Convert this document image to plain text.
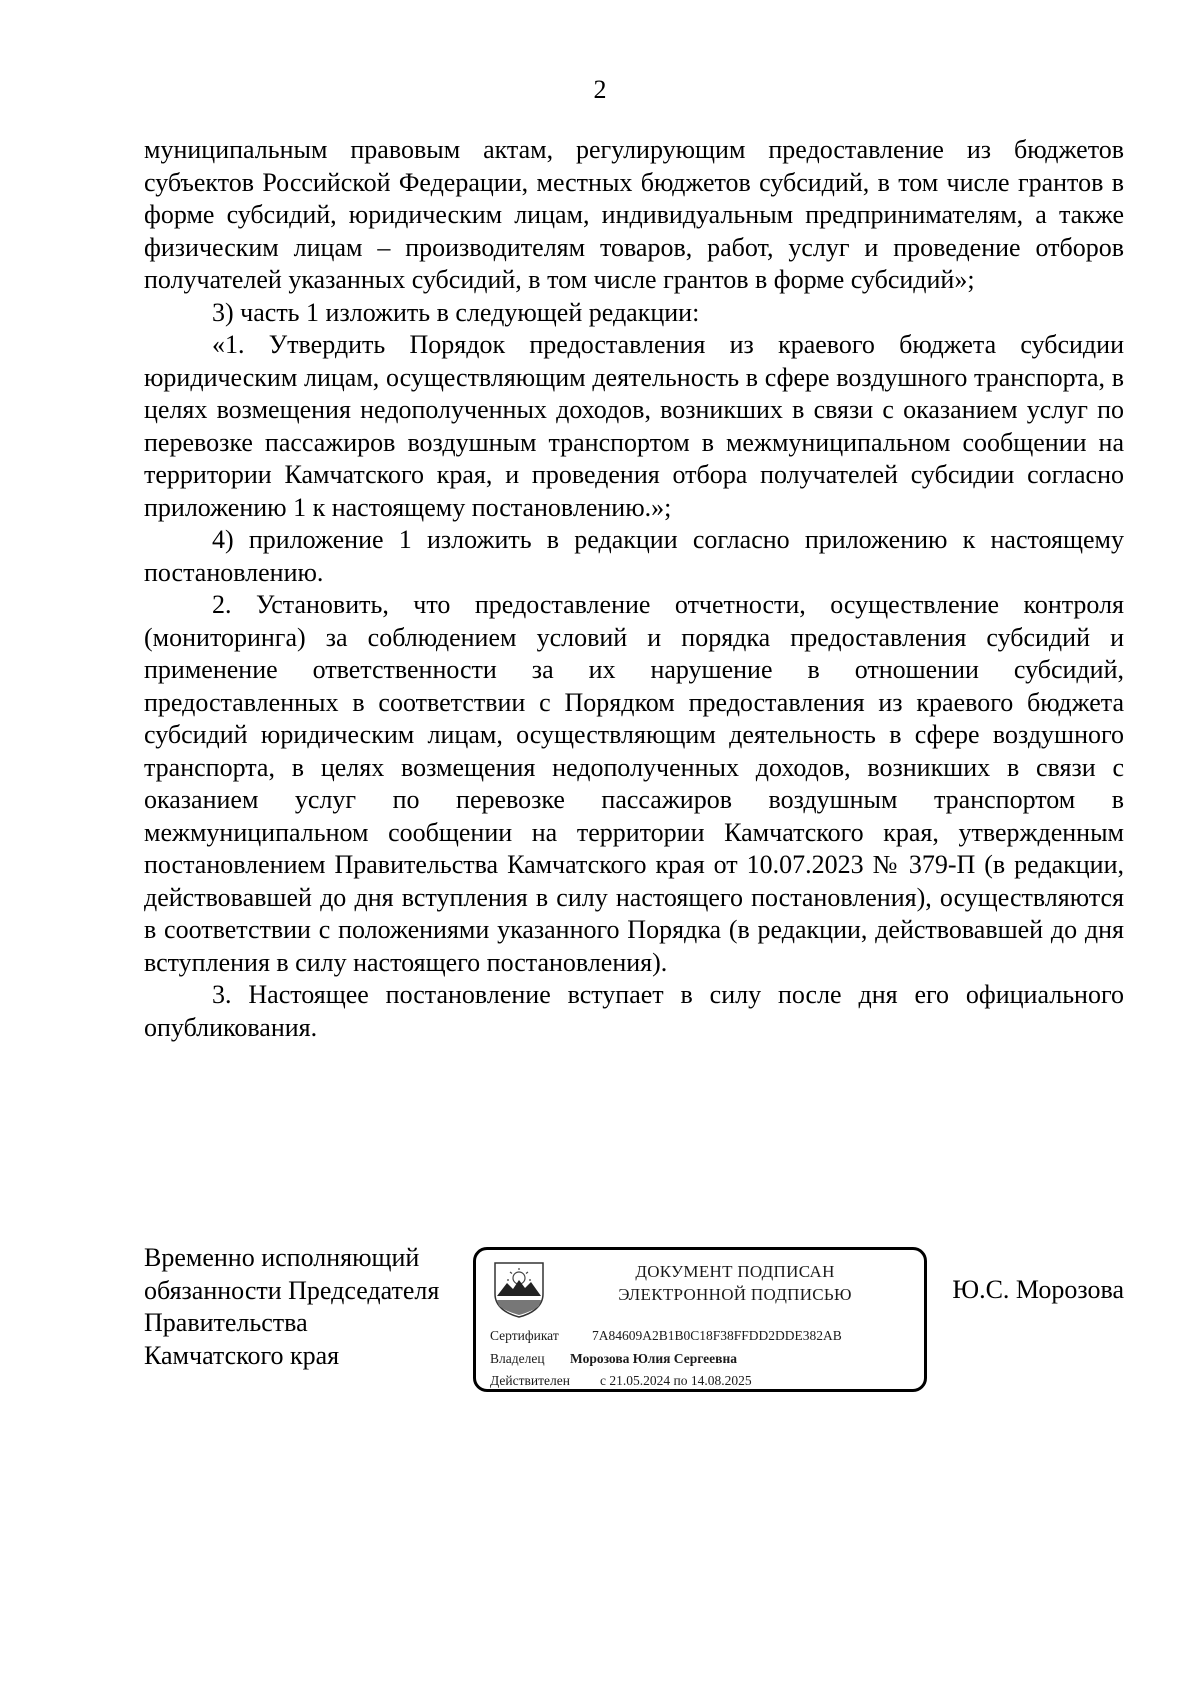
2

муниципальным правовым актам, регулирующим предоставление из бюджетов субъектов Российской Федерации, местных бюджетов субсидий, в том числе грантов в форме субсидий, юридическим лицам, индивидуальным предпринимателям, а также физическим лицам – производителям товаров, работ, услуг и проведение отборов получателей указанных субсидий, в том числе грантов в форме субсидий»;

3) часть 1 изложить в следующей редакции:

«1. Утвердить Порядок предоставления из краевого бюджета субсидии юридическим лицам, осуществляющим деятельность в сфере воздушного транспорта, в целях возмещения недополученных доходов, возникших в связи с оказанием услуг по перевозке пассажиров воздушным транспортом в межмуниципальном сообщении на территории Камчатского края, и проведения отбора получателей субсидии согласно приложению 1 к настоящему постановлению.»;

4) приложение 1 изложить в редакции согласно приложению к настоящему постановлению.

2. Установить, что предоставление отчетности, осуществление контроля (мониторинга) за соблюдением условий и порядка предоставления субсидий и применение ответственности за их нарушение в отношении субсидий, предоставленных в соответствии с Порядком предоставления из краевого бюджета субсидий юридическим лицам, осуществляющим деятельность в сфере воздушного транспорта, в целях возмещения недополученных доходов, возникших в связи с оказанием услуг по перевозке пассажиров воздушным транспортом в межмуниципальном сообщении на территории Камчатского края, утвержденным постановлением Правительства Камчатского края от 10.07.2023 № 379-П (в редакции, действовавшей до дня вступления в силу настоящего постановления), осуществляются в соответствии с положениями указанного Порядка (в редакции, действовавшей до дня вступления в силу настоящего постановления).

3. Настоящее постановление вступает в силу после дня его официального опубликования.

Временно исполняющий
обязанности Председателя
Правительства
Камчатского края
ДОКУМЕНТ ПОДПИСАН
ЭЛЕКТРОННОЙ ПОДПИСЬЮ
Сертификат 7A84609A2B1B0C18F38FFDD2DDE382AB
Владелец Морозова Юлия Сергеевна
Действителен с 21.05.2024 по 14.08.2025
Ю.С. Морозова
